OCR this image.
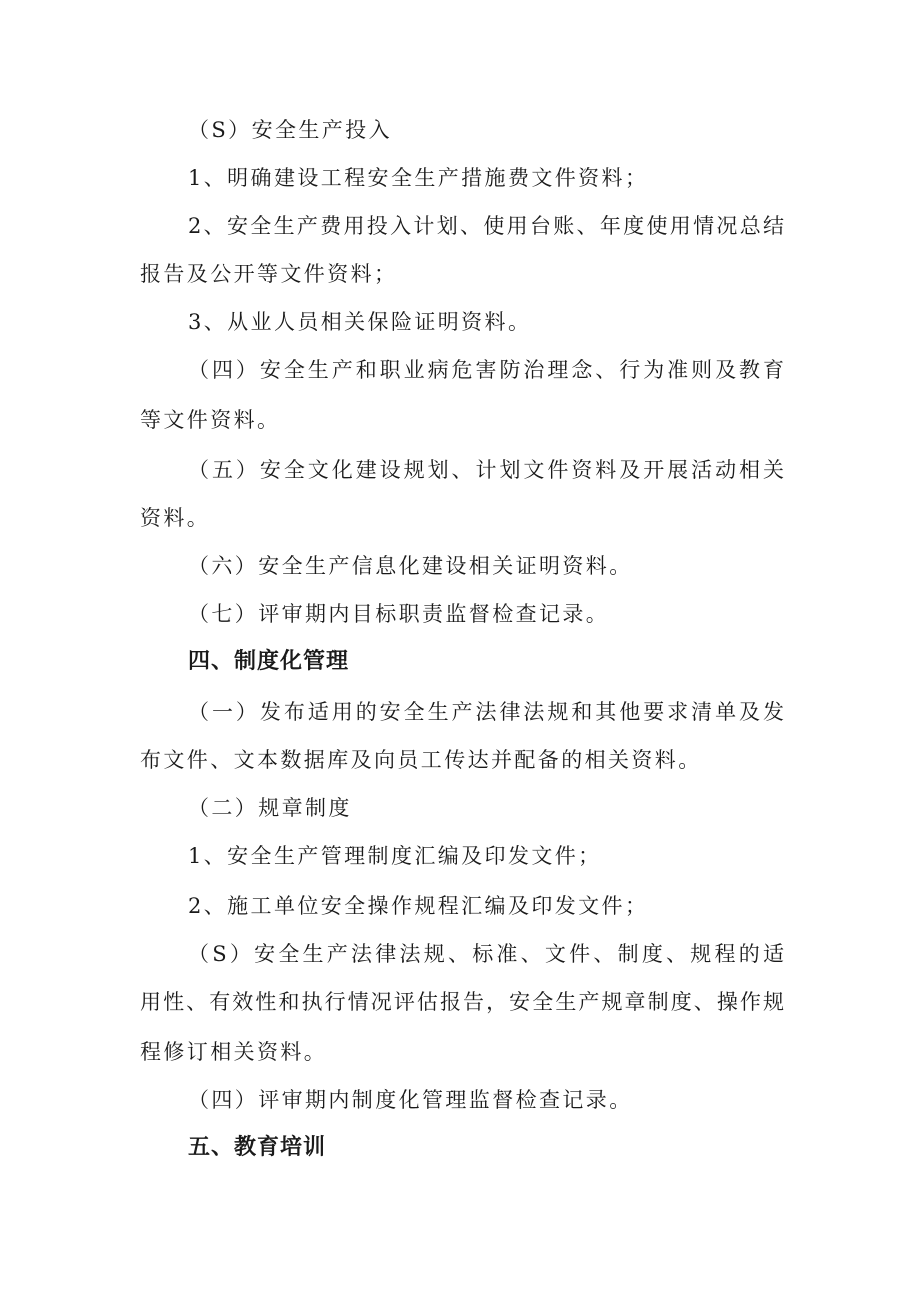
（S）安全生产投入
1、明确建设工程安全生产措施费文件资料；
2、安全生产费用投入计划、使用台账、年度使用情况总结
报告及公开等文件资料；
3、从业人员相关保险证明资料。
（四）安全生产和职业病危害防治理念、行为准则及教育
等文件资料。
（五）安全文化建设规划、计划文件资料及开展活动相关
资料。
（六）安全生产信息化建设相关证明资料。
（七）评审期内目标职责监督检查记录。
四、制度化管理
（一）发布适用的安全生产法律法规和其他要求清单及发
布文件、文本数据库及向员工传达并配备的相关资料。
（二）规章制度
1、安全生产管理制度汇编及印发文件；
2、施工单位安全操作规程汇编及印发文件；
（S）安全生产法律法规、标准、文件、制度、规程的适
用性、有效性和执行情况评估报告，安全生产规章制度、操作规
程修订相关资料。
（四）评审期内制度化管理监督检查记录。
五、教育培训
